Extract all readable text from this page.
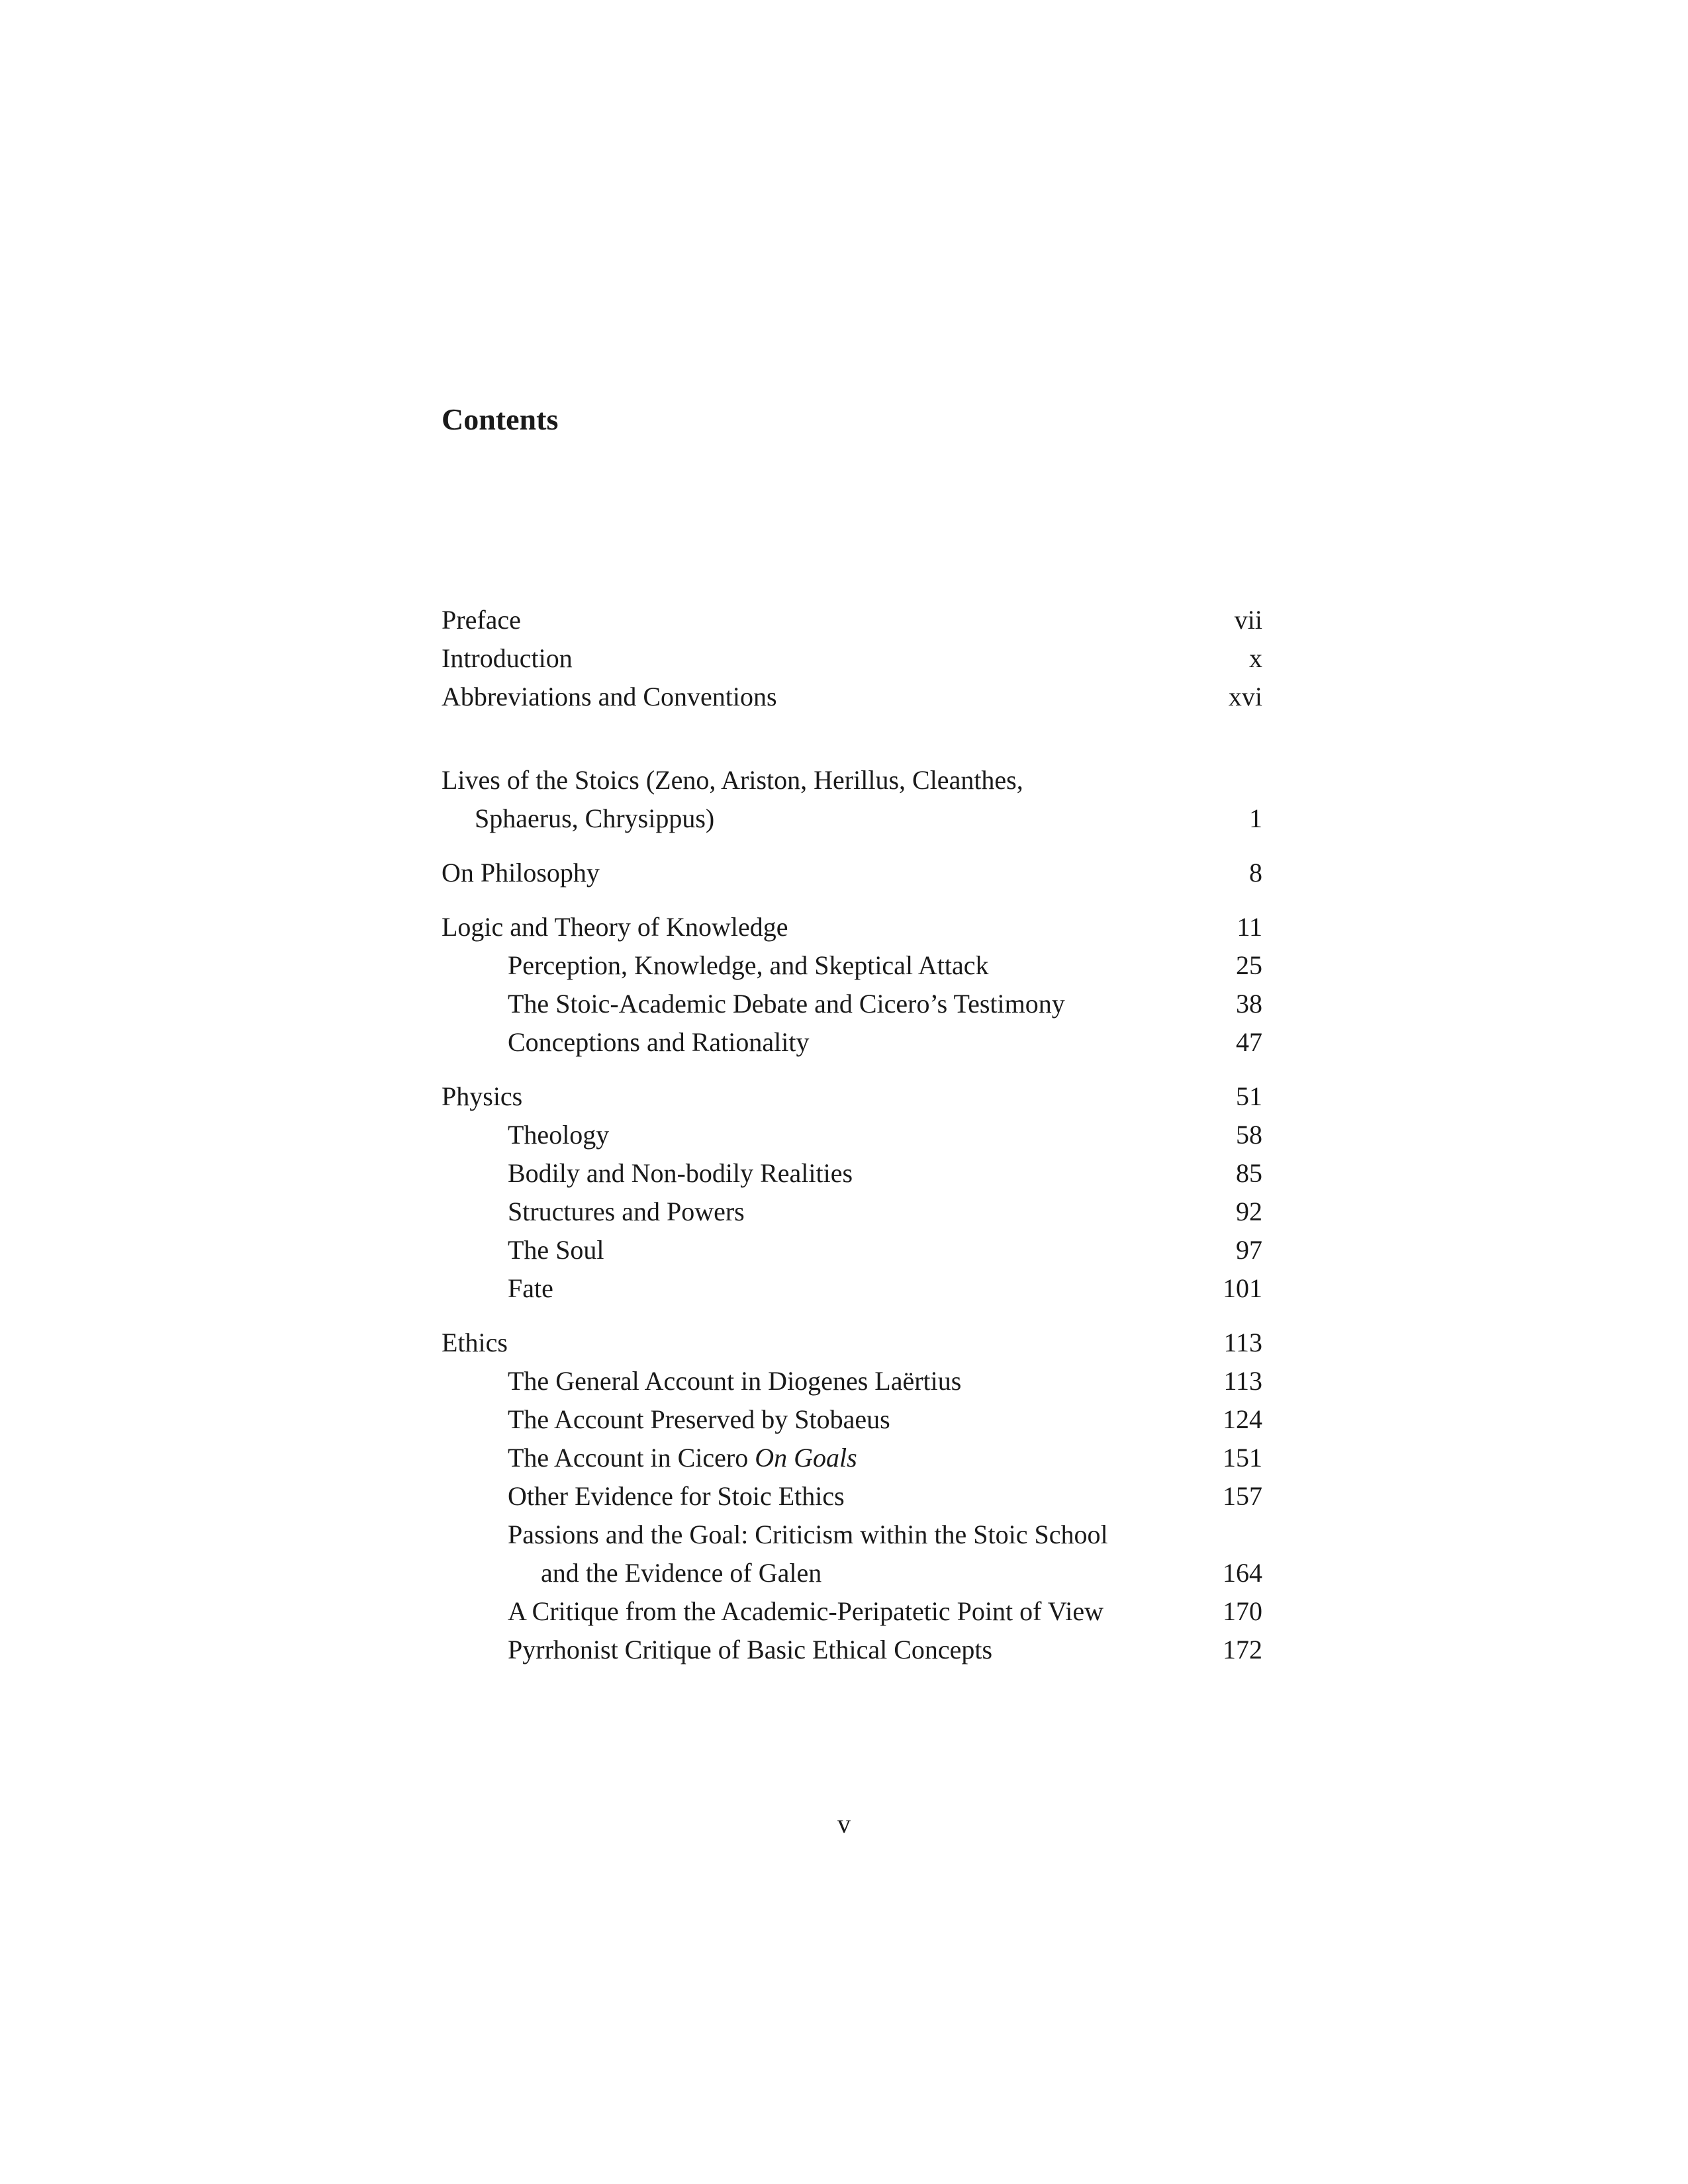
Contents
Preface	vii
Introduction	x
Abbreviations and Conventions	xvi
Lives of the Stoics (Zeno, Ariston, Herillus, Cleanthes,
Sphaerus, Chrysippus)	1
On Philosophy	8
Logic and Theory of Knowledge	11
Perception, Knowledge, and Skeptical Attack	25
The Stoic-Academic Debate and Cicero’s Testimony	38
Conceptions and Rationality	47
Physics	51
Theology	58
Bodily and Non-bodily Realities	85
Structures and Powers	92
The Soul	97
Fate	101
Ethics	113
The General Account in Diogenes Laërtius	113
The Account Preserved by Stobaeus	124
The Account in Cicero On Goals	151
Other Evidence for Stoic Ethics	157
Passions and the Goal: Criticism within the Stoic School
and the Evidence of Galen	164
A Critique from the Academic-Peripatetic Point of View	170
Pyrrhonist Critique of Basic Ethical Concepts	172
v
